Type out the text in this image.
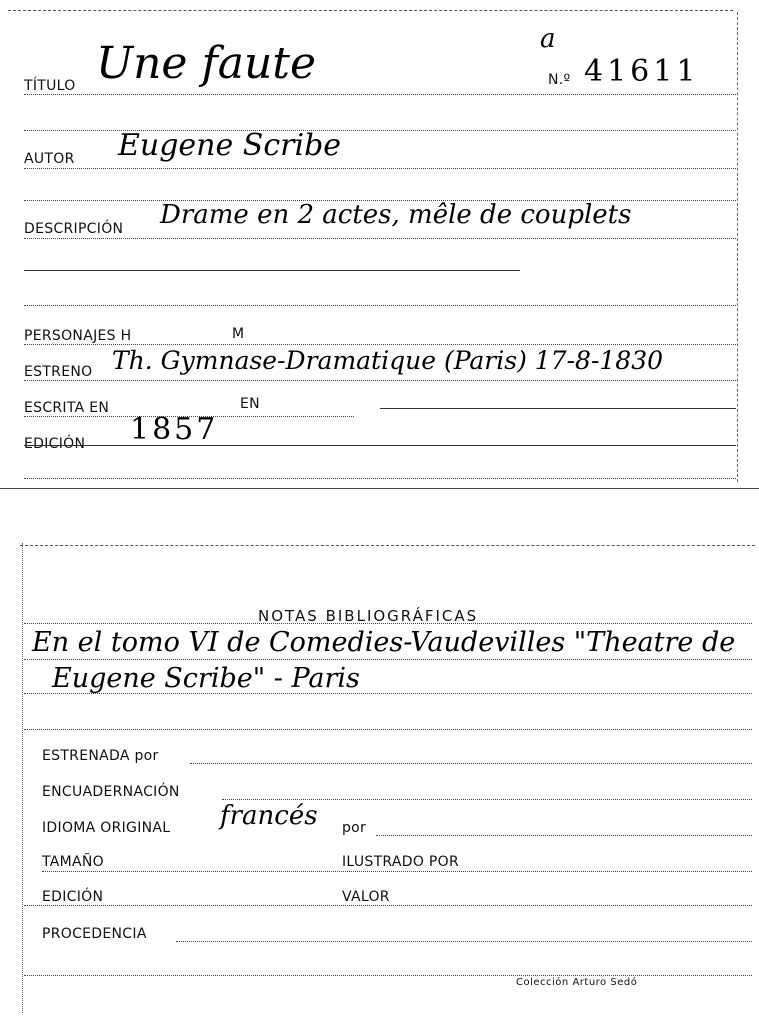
TÍTULO Une faute	a
N.º 41611
AUTOR Eugene Scribe
DESCRIPCIÓN Drame en 2 actes, mêle de couplets
PERSONAJES H	M
ESTRENO Th. Gymnase-Dramatique (Paris) 17-8-1830
ESCRITA EN	EN
EDICIÓN 1857
NOTAS BIBLIOGRÁFICAS
En el tomo VI de Comedies-Vaudevilles "Theatre de
Eugene Scribe" - Paris
ESTRENADA por
ENCUADERNACIÓN
IDIOMA ORIGINAL francés por
TAMAÑO	ILUSTRADO POR
EDICIÓN	VALOR
PROCEDENCIA
Colección Arturo Sedó
